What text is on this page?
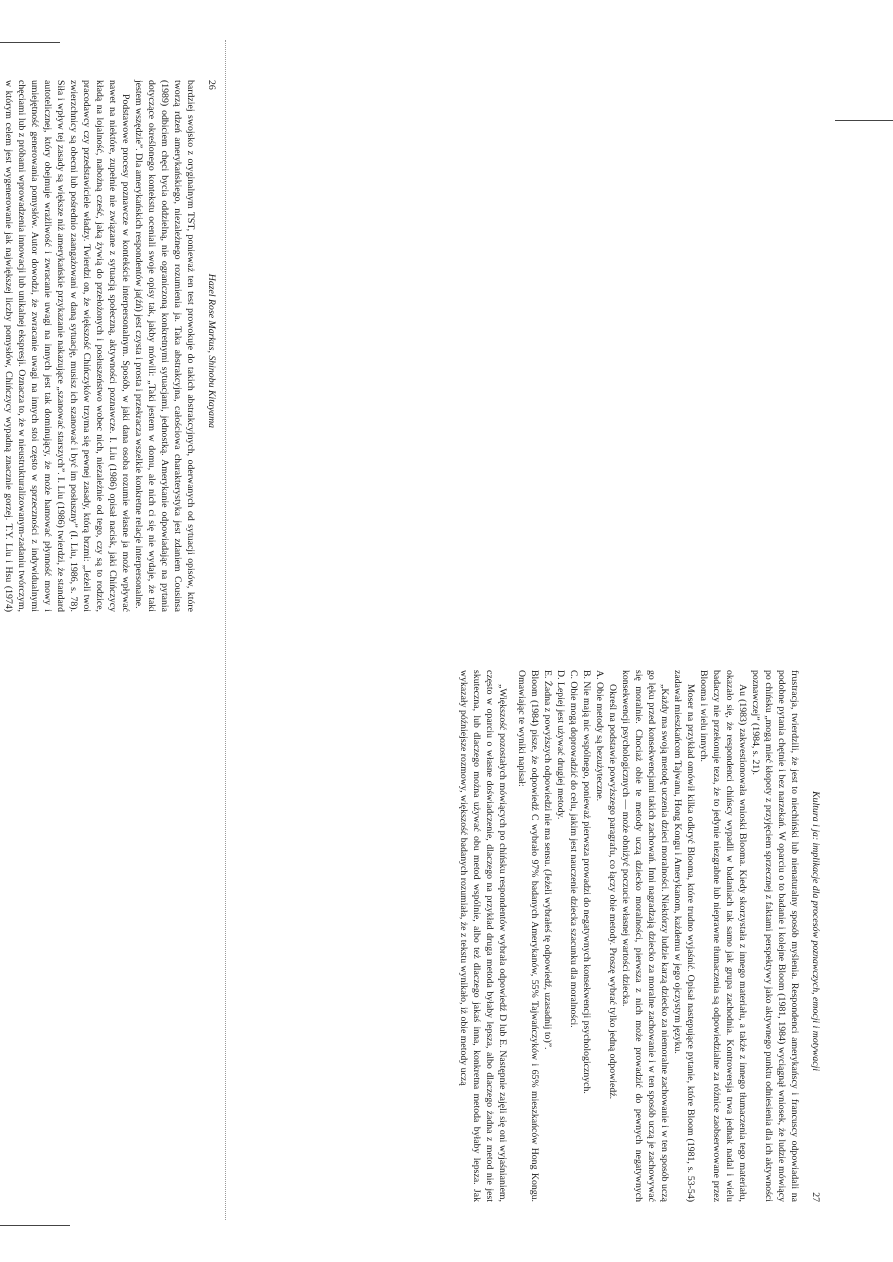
26
Hazel Rose Markus, Shinobu Kitayama

bardziej swojsko z oryginalnym TST, ponieważ ten test prowokuje do takich abstrakcyjnych, oderwanych od sytuacji opisów, które tworzą rdzeń amerykańskiego, niezależnego rozumienia ja. Taka abstrakcyjna, całościowa charakterystyka jest zdaniem Cousinsa (1989) odbiciem chęci bycia oddzielną, nie ograniczoną konkretnymi sytuacjami, jednostką. Amerykanie odpowiadając na pytania dotyczące określonego kontekstu oceniali swoje opisy tak, jakby mówili: „Taki jestem w domu, ale nich ci się nie wydaje, że taki jestem wszędzie”. Dla amerykańskich respondentów ja(źń) jest czysta i prosta i przekracza wszelkie konkretne relacje interpersonalne.

Podstawowe procesy poznawcze w kontekście interpersonalnym. Sposób, w jaki dana osoba rozumie własne ja może wpływać nawet na niektóre, zupełnie nie związane z sytuacją społeczną, aktywności poznawcze. I. Liu (1986) opisał nacisk, jaki Chińczycy kładą na lojalność, nabożną cześć, jaką żywią do przełożonych i posłuszeństwo wobec nich, niezależnie od tego, czy są to rodzice, pracodawcy czy przedstawiciele władzy. Twierdzi on, że większość Chińczyków trzyma się pewnej zasady, którą brzmi: „Jeżeli twoi zwierzchnicy są obecni lub pośrednio zaangażowani w daną sytuację, musisz ich szanować i być im posłuszny” (I. Liu, 1986, s. 78). Siła i wpływ tej zasady są większe niż amerykańskie przykazanie nakazujące „szanować starszych”. I. Liu (1986) twierdzi, że standard autotelicznej, który obejmuje wrażliwość i zwracanie uwagi na innych jest tak dominujący, że może hamować płynność mowy i umiejętność generowania pomysłów. Autor dowodzi, że zwracanie uwagi na innych stoi często w sprzeczności z indywidualnymi chęciami lub z próbami wprowadzenia innowacji lub unikalnej ekspresji. Oznacza to, że w nieustrukturalizowanym-zadaniu twórczym, w którym celem jest wygenerowanie jak największej liczby pomysłów, Chińczycy wypadną znacznie gorzej. T.Y. Liu i Hsu (1974)

Kultura i ja: implikacje dla procesów poznawczych, emocji i motywacji
27

frustracja, twierdzili, że jest to niechiński lub nienaturalny sposób myślenia. Respondenci amerykańscy i francuscy odpowiadali na podobne pytania chętnie i bez narzekań. W oparciu o to badanie i kolejne Bloom (1981, 1984) wyciągnął wniosek, że ludzie mówiący po chińsku „mogą mieć kłopoty z przyjęciem sprzecznej z faktami perspektywy jako aktywnego punktu odniesienia dla ich aktywności poznawczej” (1984, s. 21).

Au (1983) zakwestionowała wnioski Blooma. Kiedy skorzystała z innego materiału, a także z innego tłumaczenia tego materiału, okazało się, że respondenci chińscy wypadli w badaniach tak samo jak grupa zachodnia. Kontrowersja trwa jednak nadal i wielu badaczy nie przekonuje teza, że to jedynie niezgrabne lub nieprawne tłumaczenia są odpowiedzialne za różnice zaobserwowane przez Blooma i wielu innych.

Moser na przykład omówił kilka odkryć Blooma, które trudno wyjaśnić. Opisał następujące pytanie, które Bloom (1981, s. 53-54) zadawał mieszkańcom Tajwanu, Hong Kongu i Amerykanom, każdemu w jego ojczystym języku.

„Każdy ma swoją metodę uczenia dzieci moralności. Niektórzy ludzie karzą dziecko za niemoralne zachowanie i w ten sposób uczą go lęku przed konsekwencjami takich zachowań. Inni nagradzają dziecko za moralne zachowanie i w ten sposób uczą je zachowywać się moralnie. Chociaż obie te metody uczą dziecko moralności, pierwsza z nich może prowadzić do pewnych negatywnych konsekwencji psychologicznych — może obniżyć poczucie własnej wartości dziecka.

Określ na podstawie powyższego paragrafu, co łączy obie metody. Proszę wybrać tylko jedną odpowiedź.

A. Obie metody są bezużyteczne.
B. Nie mają nic wspólnego, ponieważ pierwsza prowadzi do negatywnych konsekwencji psychologicznych.
C. Obie mogą doprowadzić do celu, jakim jest nauczenie dziecka szacunku dla moralności.
D. Lepiej jest używać drugiej metody.
E. Żadna z powyższych odpowiedzi nie ma sensu. (Jeżeli wybrałeś tę odpowiedź, uzasadnij to)”.

Bloom (1984) pisze, że odpowiedź C wybrało 97% badanych Amerykanów, 55% Tajwańczyków i 65% mieszkańców Hong Kongu. Omawiając te wyniki napisał:

„Większość pozostałych mówiących po chińsku respondentów wybrała odpowiedź D lub E. Następnie zajęli się oni wyjaśnianiem, często w oparciu o własne doświadczenie, dlaczego na przykład druga metoda byłaby lepsza, albo dlaczego żadna z metod nie jest skuteczna, lub dlaczego można używać obu metod wspólnie, albo też dlaczego jakaś inna, konkretna metoda byłaby lepsza. Jak wykazały późniejsze rozmowy, większość badanych rozumiała, że z tekstu wynikało, iż obie metody uczą
